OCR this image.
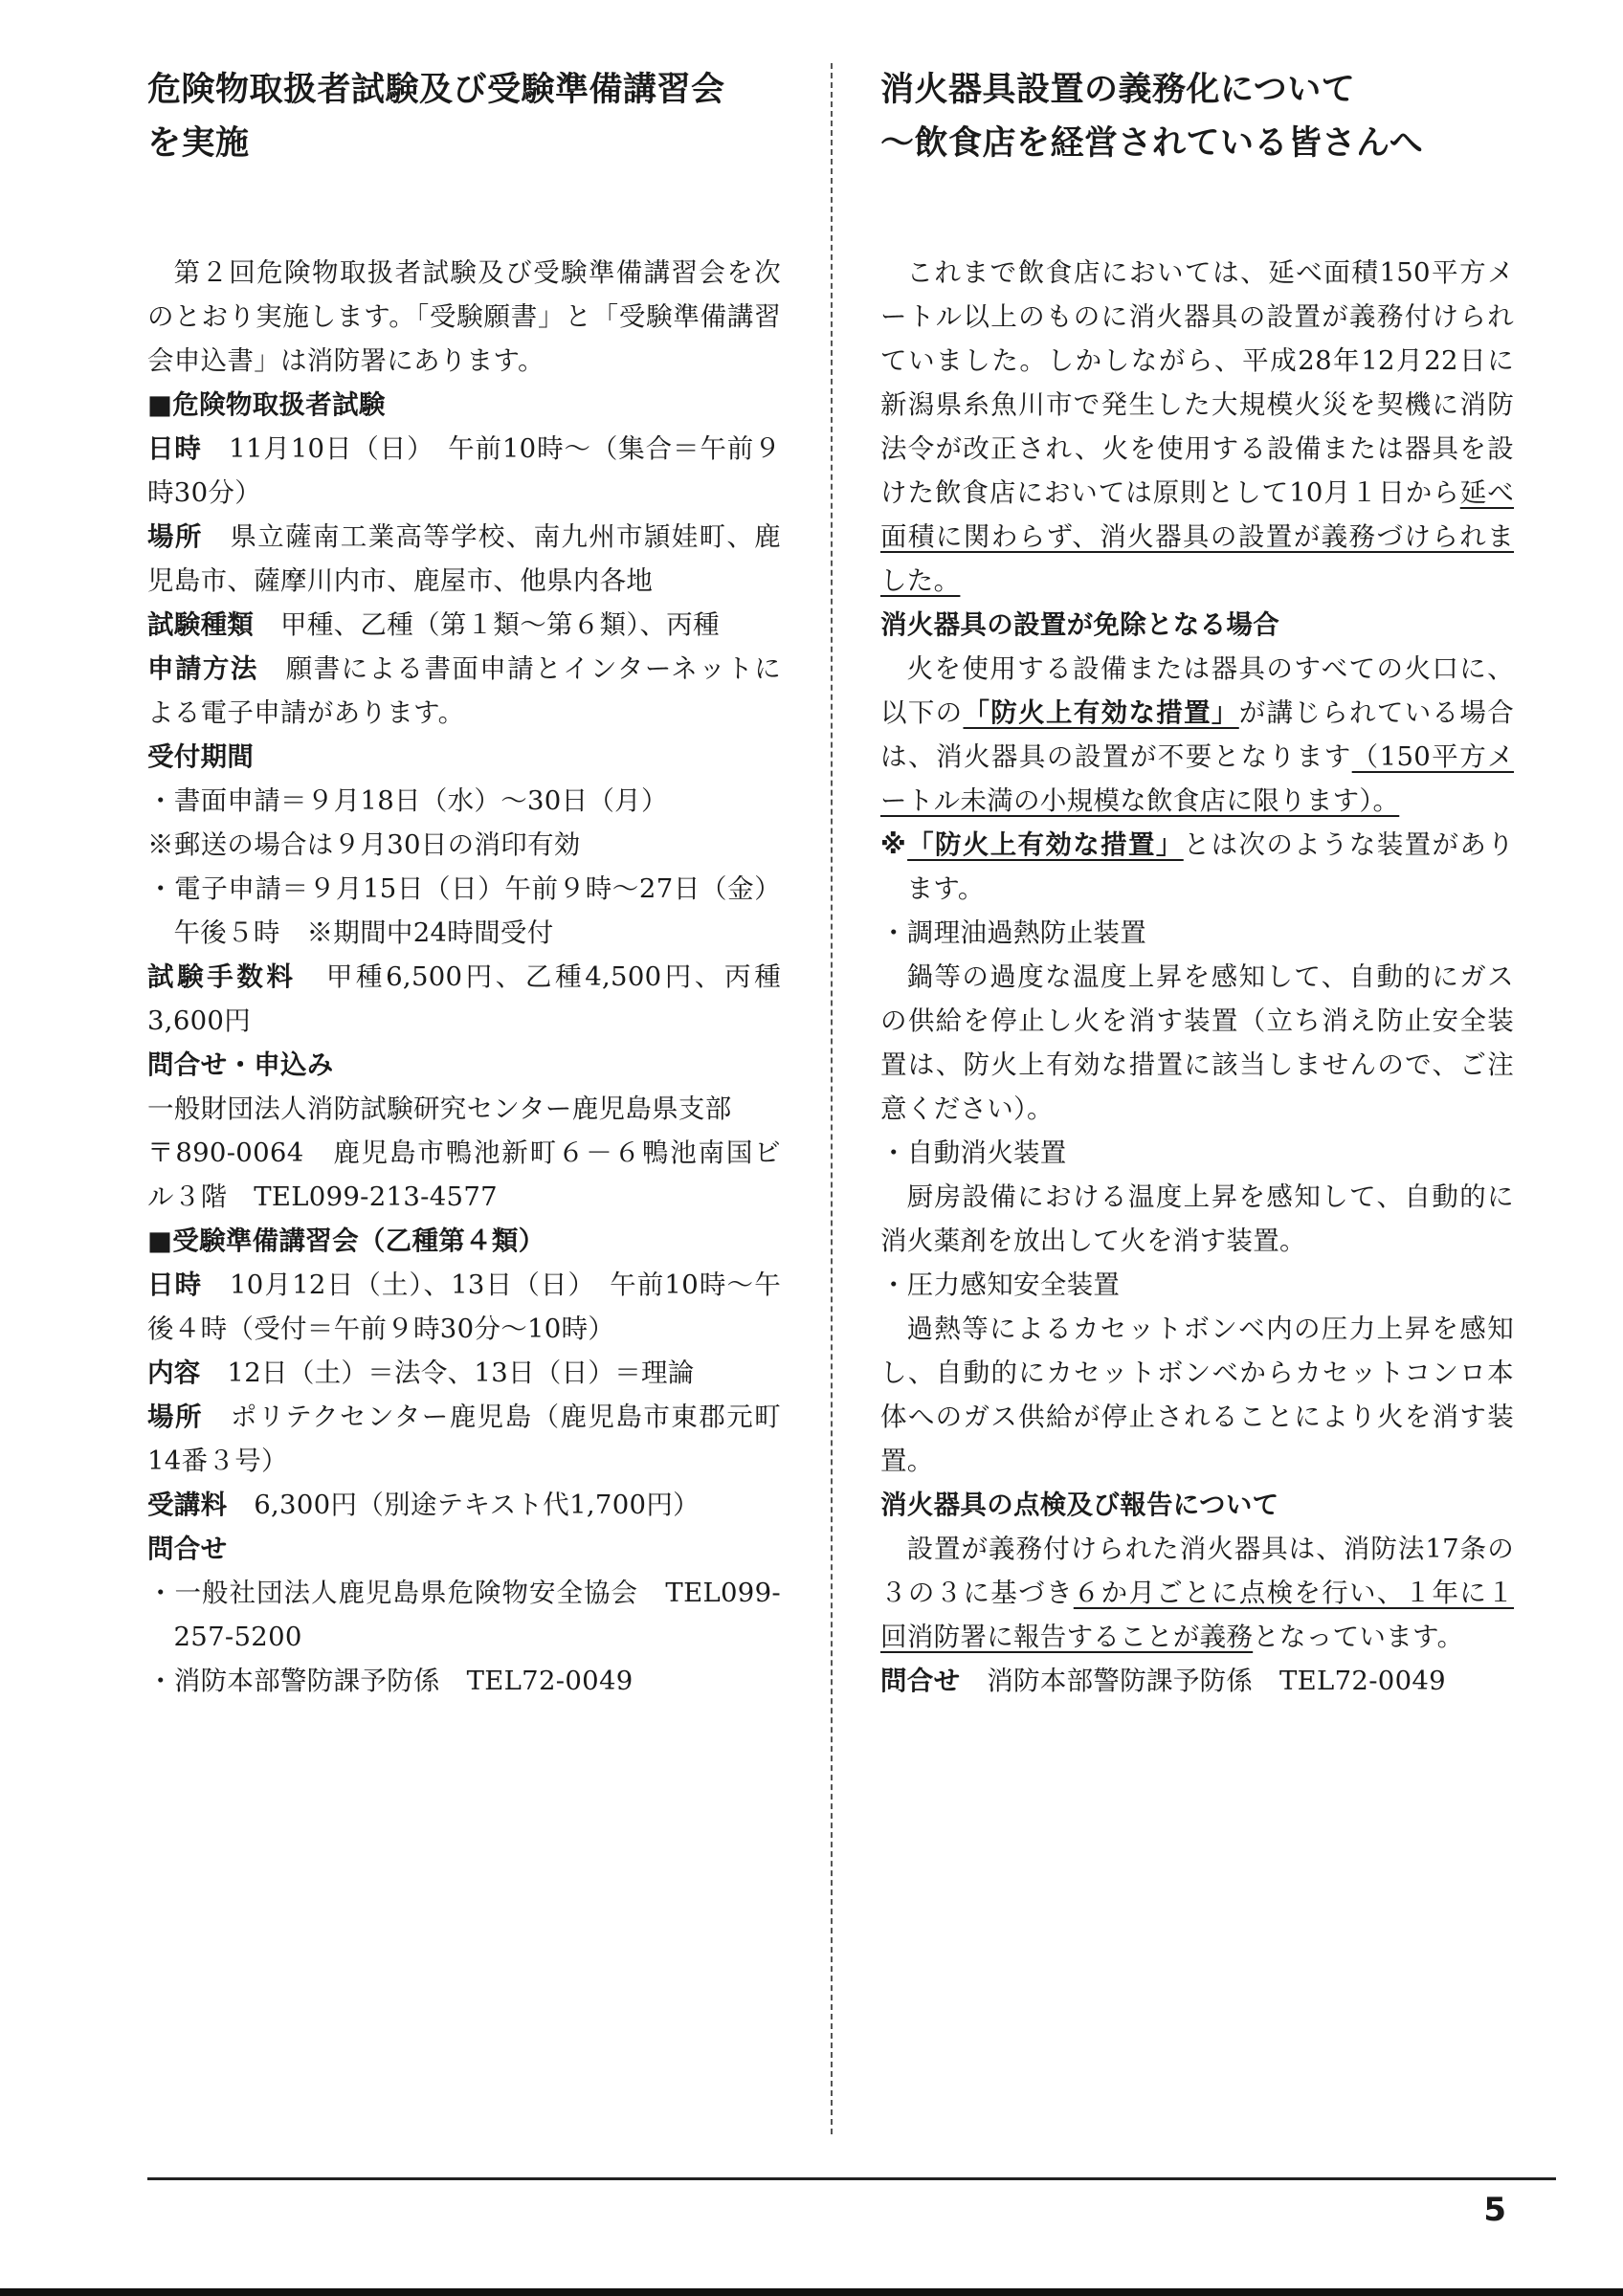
危険物取扱者試験及び受験準備講習会
を実施

第２回危険物取扱者試験及び受験準備講習会を次のとおり実施します。「受験願書」と「受験準備講習会申込書」は消防署にあります。

■危険物取扱者試験

日時　 11月10日（日）　午前10時～（集合＝午前９時30分）

場所　 県立薩南工業高等学校、南九州市頴娃町、鹿児島市、薩摩川内市、鹿屋市、他県内各地

試験種類　 甲種、乙種（第１類～第６類）、丙種

申請方法　 願書による書面申請とインターネットによる電子申請があります。

受付期間

・書面申請＝９月18日（水）～30日（月）

※郵送の場合は９月30日の消印有効

・電子申請＝９月15日（日）午前９時～27日（金）午後５時　※期間中24時間受付

試験手数料　 甲種6,500円、乙種4,500円、丙種3,600円

問合せ・申込み

一般財団法人消防試験研究センター鹿児島県支部

〒890-0064　鹿児島市鴨池新町６－６鴨池南国ビル３階　TEL099-213-4577

■受験準備講習会（乙種第４類）

日時　 10月12日（土）、13日（日）　午前10時～午後４時（受付＝午前９時30分～10時）

内容　 12日（土）＝法令、13日（日）＝理論

場所　 ポリテクセンター鹿児島（鹿児島市東郡元町14番３号）

受講料　 6,300円（別途テキスト代1,700円）

問合せ

・一般社団法人鹿児島県危険物安全協会　TEL099-257-5200

・消防本部警防課予防係　TEL72-0049

消火器具設置の義務化について
～飲食店を経営されている皆さんへ

これまで飲食店においては、延べ面積150平方メートル以上のものに消火器具の設置が義務付けられていました。しかしながら、平成28年12月22日に新潟県糸魚川市で発生した大規模火災を契機に消防法令が改正され、火を使用する設備または器具を設けた飲食店においては原則として10月１日から延べ面積に関わらず、消火器具の設置が義務づけられました。

消火器具の設置が免除となる場合

火を使用する設備または器具のすべての火口に、以下の「防火上有効な措置」が講じられている場合は、消火器具の設置が不要となります（150平方メートル未満の小規模な飲食店に限ります）。

※「防火上有効な措置」とは次のような装置があります。

・調理油過熱防止装置

鍋等の過度な温度上昇を感知して、自動的にガスの供給を停止し火を消す装置（立ち消え防止安全装置は、防火上有効な措置に該当しませんので、ご注意ください）。

・自動消火装置

厨房設備における温度上昇を感知して、自動的に消火薬剤を放出して火を消す装置。

・圧力感知安全装置

過熱等によるカセットボンベ内の圧力上昇を感知し、自動的にカセットボンベからカセットコンロ本体へのガス供給が停止されることにより火を消す装置。

消火器具の点検及び報告について

設置が義務付けられた消火器具は、消防法17条の３の３に基づき６か月ごとに点検を行い、１年に１回消防署に報告することが義務となっています。

問合せ　 消防本部警防課予防係　TEL72-0049

5
